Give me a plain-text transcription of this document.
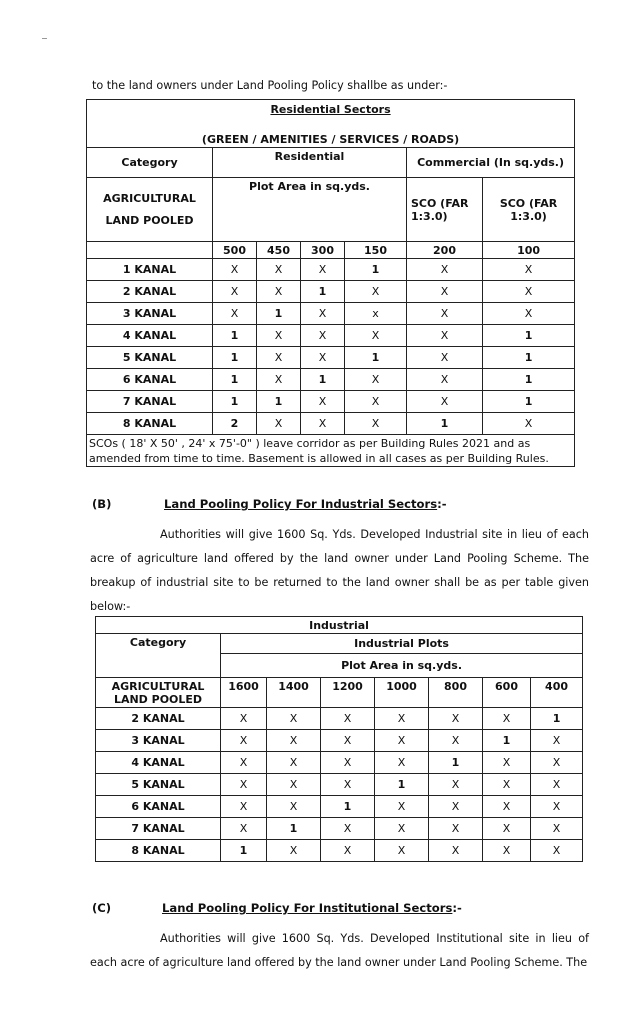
to the land owners under Land Pooling Policy shallbe as under:-
Residential Sectors
(GREEN / AMENITIES / SERVICES / ROADS)						

Category	Residential				Commercial (In sq.yds.)	

AGRICULTURAL
LAND POOLED	Plot Area in sq.yds.				SCO (FAR 1:3.0)	SCO (FAR 1:3.0)
	500	450	300	150	200	100
1 KANAL	X	X	X	1	X	X
2 KANAL	X	X	1	X	X	X
3 KANAL	X	1	X	x	X	X
4 KANAL	1	X	X	X	X	1
5 KANAL	1	X	X	1	X	1
6 KANAL	1	X	1	X	X	1
7 KANAL	1	1	X	X	X	1
8 KANAL	2	X	X	X	1	X
SCOs ( 18' X 50' , 24' x 75'-0" ) leave corridor as per Building Rules 2021 and as amended from time to time. Basement is allowed in all cases as per Building Rules.						
(B)	Land Pooling Policy For Industrial Sectors:-
Authorities will give 1600 Sq. Yds. Developed Industrial site in lieu of each acre of agriculture land offered by the land owner under Land Pooling Scheme. The breakup of industrial site to be returned to the land owner shall be as per table given below:-
Industrial							
Category	Industrial Plots						
	Plot Area in sq.yds.						
AGRICULTURAL LAND POOLED	1600	1400	1200	1000	800	600	400
2 KANAL	X	X	X	X	X	X	1
3 KANAL	X	X	X	X	X	1	X
4 KANAL	X	X	X	X	1	X	X
5 KANAL	X	X	X	1	X	X	X
6 KANAL	X	X	1	X	X	X	X
7 KANAL	X	1	X	X	X	X	X
8 KANAL	1	X	X	X	X	X	X
(C)	Land Pooling Policy For Institutional Sectors:-
Authorities will give 1600 Sq. Yds. Developed Institutional site in lieu of each acre of agriculture land offered by the land owner under Land Pooling Scheme. The
